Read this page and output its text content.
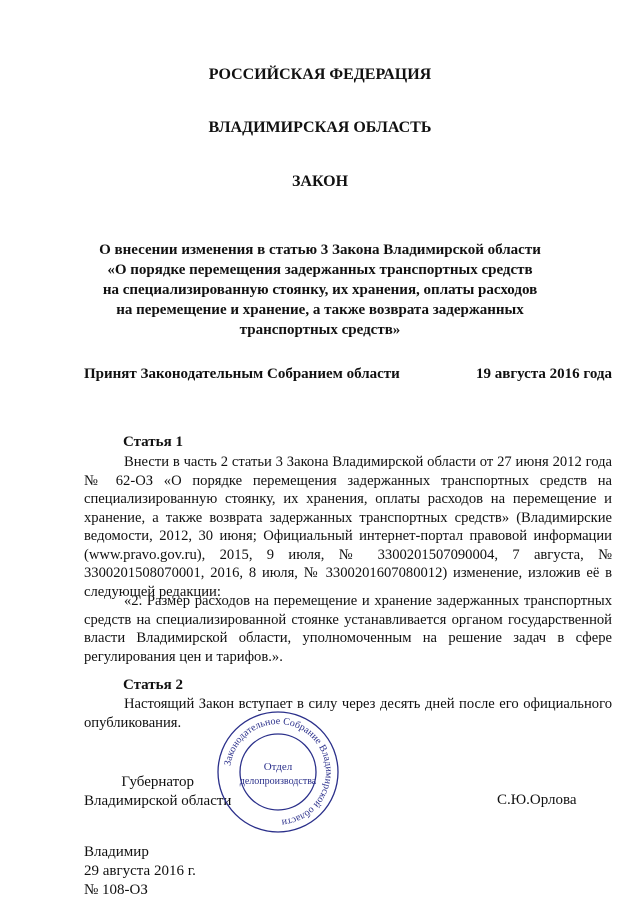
РОССИЙСКАЯ ФЕДЕРАЦИЯ
ВЛАДИМИРСКАЯ ОБЛАСТЬ
ЗАКОН
О внесении изменения в статью 3 Закона Владимирской области
«О порядке перемещения задержанных транспортных средств
на специализированную стоянку, их хранения, оплаты расходов
на перемещение и хранение, а также возврата задержанных
транспортных средств»
Принят Законодательным Собранием области	19 августа 2016 года
Статья 1

Внести в часть 2 статьи 3 Закона Владимирской области от 27 июня 2012 года № 62-ОЗ «О порядке перемещения задержанных транспортных средств на специализированную стоянку, их хранения, оплаты расходов на перемещение и хранение, а также возврата задержанных транспортных средств» (Владимирские ведомости, 2012, 30 июня; Официальный интернет-портал правовой информации (www.pravo.gov.ru), 2015, 9 июля, № 3300201507090004, 7 августа, № 3300201508070001, 2016, 8 июля, № 3300201607080012) изменение, изложив её в следующей редакции:

«2. Размер расходов на перемещение и хранение задержанных транспортных средств на специализированной стоянке устанавливается органом государственной власти Владимирской области, уполномоченным на решение задач в сфере регулирования цен и тарифов.».

Статья 2

Настоящий Закон вступает в силу через десять дней после его официального опубликования.

Губернатор
Владимирской области	С.Ю.Орлова
Законодательное Собрание Владимирской области
Отдел
делопроизводства
Владимир
29 августа 2016 г.
№ 108-ОЗ
